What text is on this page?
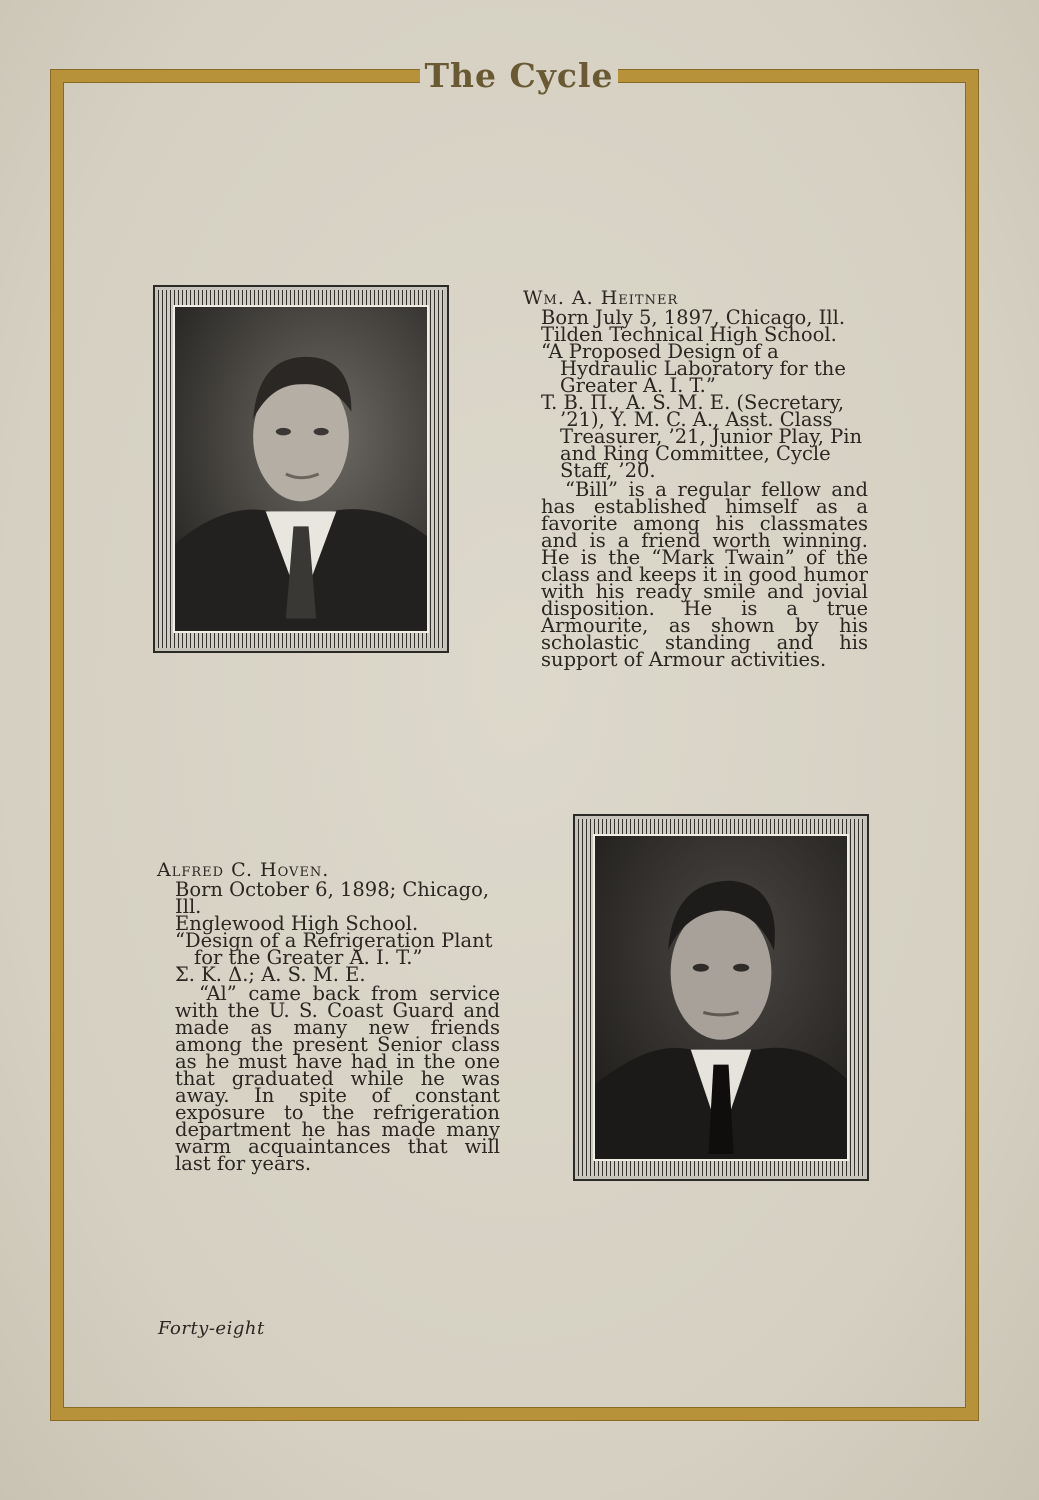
The Cycle
Wm. A. Heitner
Born July 5, 1897, Chicago, Ill.
Tilden Technical High School.
“A Proposed Design of a Hydraulic Laboratory for the Greater A. I. T.”
T. B. Π., A. S. M. E. (Secretary, ’21), Y. M. C. A., Asst. Class Treasurer, ’21, Junior Play, Pin and Ring Committee, Cycle Staff, ’20.
“Bill” is a regular fellow and has established himself as a favorite among his classmates and is a friend worth winning. He is the “Mark Twain” of the class and keeps it in good humor with his ready smile and jovial disposition. He is a true Armourite, as shown by his scholastic standing and his support of Armour activities.
Alfred C. Hoven.
Born October 6, 1898; Chicago, Ill.
Englewood High School.
“Design of a Refrigeration Plant for the Greater A. I. T.”
Σ. K. Δ.; A. S. M. E.
“Al” came back from service with the U. S. Coast Guard and made as many new friends among the present Senior class as he must have had in the one that graduated while he was away. In spite of constant exposure to the refrigeration department he has made many warm acquaintances that will last for years.
Forty-eight
